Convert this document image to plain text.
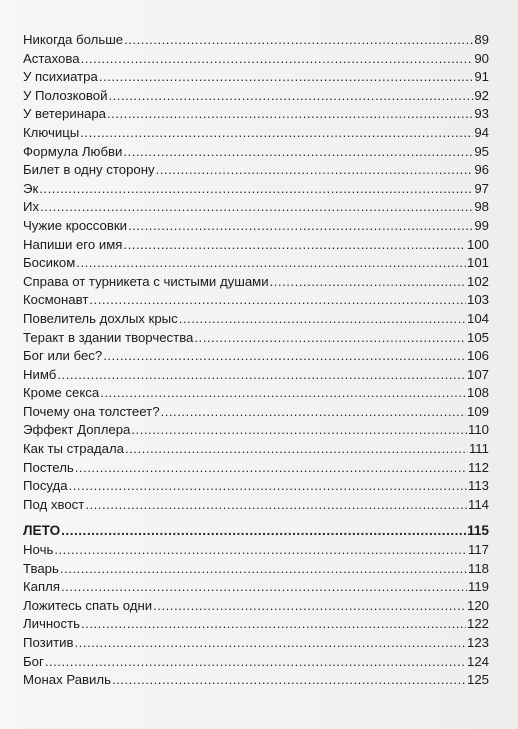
Никогда больше .....	89
Астахова .....	90
У психиатра .....	91
У Полозковой .....	92
У ветеринара .....	93
Ключицы .....	94
Формула Любви .....	95
Билет в одну сторону .....	96
Эк .....	97
Их .....	98
Чужие кроссовки .....	99
Напиши его имя .....	100
Босиком .....	101
Справа от турникета с чистыми душами .....	102
Космонавт .....	103
Повелитель дохлых крыс .....	104
Теракт в здании творчества .....	105
Бог или бес? .....	106
Нимб .....	107
Кроме секса .....	108
Почему она толстеет? .....	109
Эффект Доплера .....	110
Как ты страдала .....	111
Постель .....	112
Посуда .....	113
Под хвост .....	114
ЛЕТО .....	115
Ночь .....	117
Тварь .....	118
Капля .....	119
Ложитесь спать одни .....	120
Личность .....	122
Позитив .....	123
Бог .....	124
Монах Равиль .....	125
